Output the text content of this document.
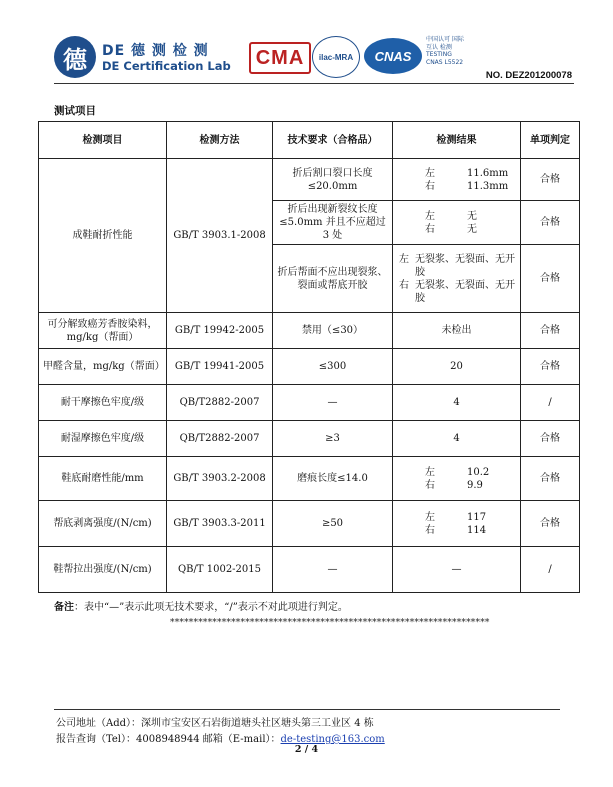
德 DE 德 测 检 测
DE Certification Lab	CMA	ilac-MRA	CNAS
中国认可 国际互认 检测 TESTING CNAS L5522
NO. DEZ201200078
测试项目
检测项目	检测方法	技术要求（合格品）	检测结果	单项判定
成鞋耐折性能	GB/T 3903.1-2008	折后割口裂口长度≤20.0mm	左 11.6mm
右 11.3mm	合格
		折后出现新裂纹长度≤5.0mm 并且不应超过 3 处	左 无
右 无	合格
		折后帮面不应出现裂浆、裂面或帮底开胶	左 无裂浆、无裂面、无开胶
右 无裂浆、无裂面、无开胶	合格
可分解致癌芳香胺染料，mg/kg（帮面）	GB/T 19942-2005	禁用（≤30）	未检出	合格
甲醛含量，mg/kg（帮面）	GB/T 19941-2005	≤300	20	合格
耐干摩擦色牢度/级	QB/T2882-2007	—	4	/
耐湿摩擦色牢度/级	QB/T2882-2007	≥3	4	合格
鞋底耐磨性能/mm	GB/T 3903.2-2008	磨痕长度≤14.0	左 10.2
右 9.9	合格
帮底剥离强度/(N/cm)	GB/T 3903.3-2011	≥50	左 117
右 114	合格
鞋帮拉出强度/(N/cm)	QB/T 1002-2015	—	—	/
备注：表中“—”表示此项无技术要求，“/”表示不对此项进行判定。
********************************************************************
公司地址（Add）：深圳市宝安区石岩街道塘头社区塘头第三工业区 4 栋
报告查询（Tel）：4008948944 邮箱（E-mail）：de-testing@163.com
2 / 4
